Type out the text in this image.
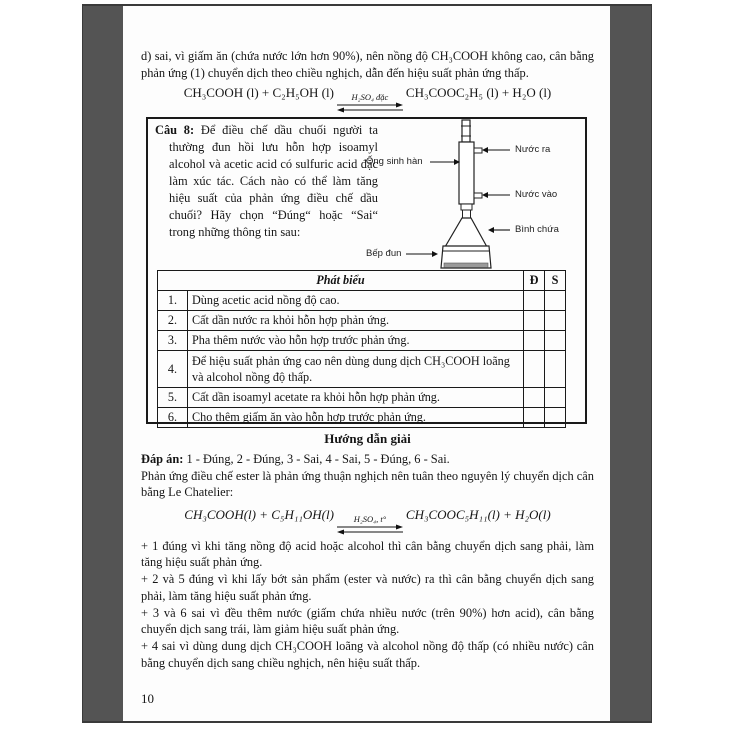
d) sai, vì giấm ăn (chứa nước lớn hơn 90%), nên nồng độ CH₃COOH không cao, cân bằng phản ứng (1) chuyển dịch theo chiều nghịch, dẫn đến hiệu suất phản ứng thấp.

CH₃COOH (l) + C₂H₅OH (l) H₂SO₄ đặc CH₃COOC₂H₅ (l) + H₂O (l)

Câu 8: Để điều chế dầu chuối người ta thường đun hồi lưu hỗn hợp isoamyl alcohol và acetic acid có sulfuric acid đặc làm xúc tác. Cách nào có thể làm tăng hiệu suất của phản ứng điều chế dầu chuối? Hãy chọn “Đúng“ hoặc “Sai“ trong những thông tin sau:

Ống sinh hàn
Nước ra
Nước vào
Bình chứa
Bếp đun
Phát biểu		Đ	S
1.	Dùng acetic acid nồng độ cao.		
2.	Cất dần nước ra khỏi hỗn hợp phản ứng.		
3.	Pha thêm nước vào hỗn hợp trước phản ứng.		
4.	Để hiệu suất phản ứng cao nên dùng dung dịch CH₃COOH loãng và alcohol nồng độ thấp.		
5.	Cất dần isoamyl acetate ra khỏi hỗn hợp phản ứng.		
6.	Cho thêm giấm ăn vào hỗn hợp trước phản ứng.		

Hướng dẫn giải

Đáp án: 1 - Đúng, 2 - Đúng, 3 - Sai, 4 - Sai, 5 - Đúng, 6 - Sai.

Phản ứng điều chế ester là phản ứng thuận nghịch nên tuân theo nguyên lý chuyển dịch cân bằng Le Chatelier:

CH₃COOH(l) + C₅H₁₁OH(l) H₂SO₄, t° CH₃COOC₅H₁₁(l) + H₂O(l)

+ 1 đúng vì khi tăng nồng độ acid hoặc alcohol thì cân bằng chuyển dịch sang phải, làm tăng hiệu suất phản ứng.

+ 2 và 5 đúng vì khi lấy bớt sản phẩm (ester và nước) ra thì cân bằng chuyển dịch sang phải, làm tăng hiệu suất phản ứng.

+ 3 và 6 sai vì đều thêm nước (giấm chứa nhiều nước (trên 90%) hơn acid), cân bằng chuyển dịch sang trái, làm giảm hiệu suất phản ứng.

+ 4 sai vì dùng dung dịch CH₃COOH loãng và alcohol nồng độ thấp (có nhiều nước) cân bằng chuyển dịch sang chiều nghịch, nên hiệu suất thấp.

10
